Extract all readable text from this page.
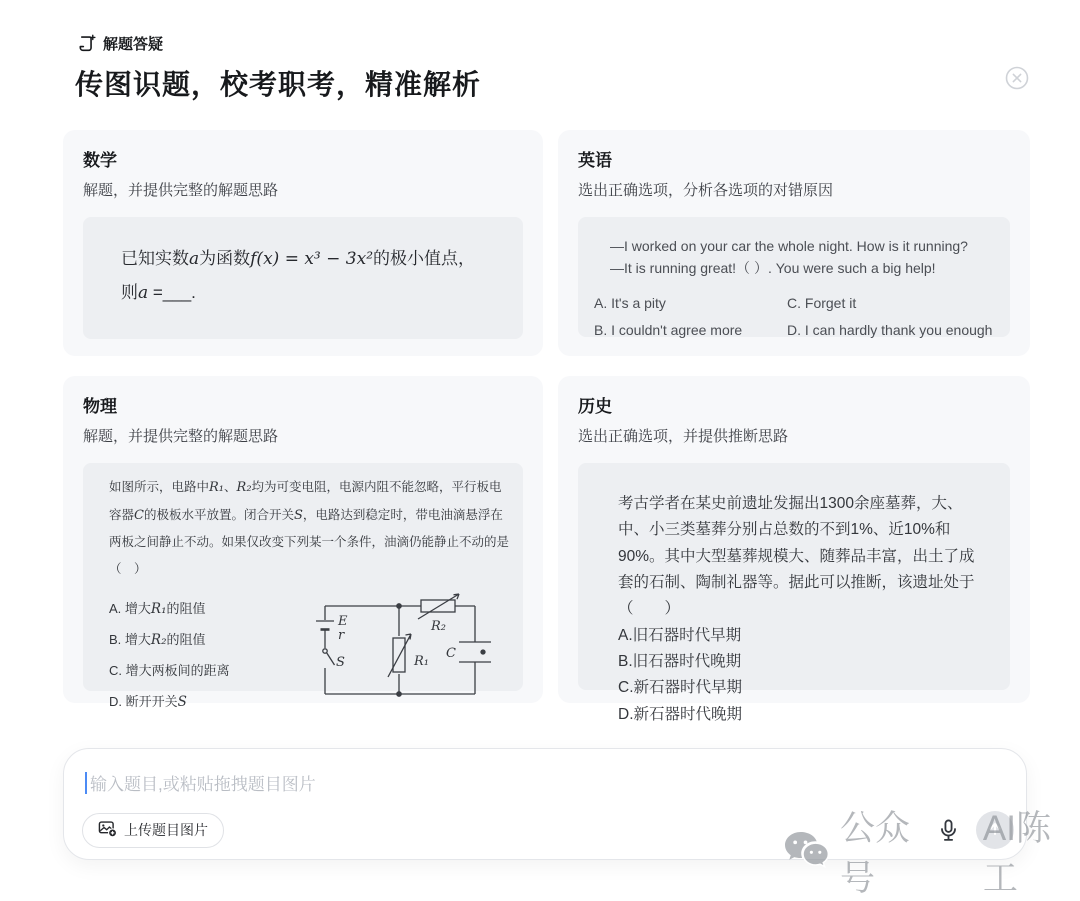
解题答疑
传图识题，校考职考，精准解析
数学

解题，并提供完整的解题思路

已知实数a为函数f(x) = x³ − 3x²的极小值点，
则a =___.
英语

选出正确选项，分析各选项的对错原因

—I worked on your car the whole night. How is it running?
—It is running great!（ ）. You were such a big help!
A. It's a pity
B. I couldn't agree more
C. Forget it
D. I can hardly thank you enough
物理

解题，并提供完整的解题思路

如图所示，电路中R₁、R₂均为可变电阻，电源内阻不能忽略，平行板电容器C的极板水平放置。闭合开关S，电路达到稳定时，带电油滴悬浮在两板之间静止不动。如果仅改变下列某一个条件，油滴仍能静止不动的是（　）

A. 增大R₁的阻值
B. 增大R₂的阻值
C. 增大两板间的距离
D. 断开开关S
E
r
S	R₁
R₂
C
历史

选出正确选项，并提供推断思路

考古学者在某史前遗址发掘出1300余座墓葬，大、中、小三类墓葬分别占总数的不到1%、近10%和90%。其中大型墓葬规模大、随葬品丰富，出土了成套的石制、陶制礼器等。据此可以推断，该遗址处于（　　）
A.旧石器时代早期
B.旧石器时代晚期
C.新石器时代早期
D.新石器时代晚期
输入题目,或粘贴拖拽题目图片
上传题目图片	公众号
AI陈工
